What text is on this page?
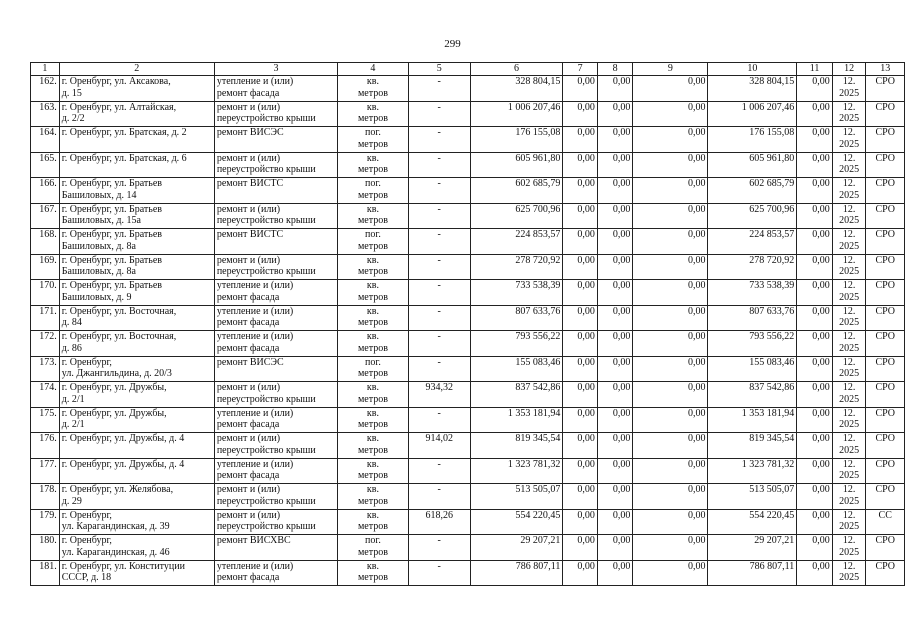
299
1	2	3	4	5	6	7	8	9	10	11	12	13
162.	г. Оренбург, ул. Аксакова,
д. 15	утепление и (или)
ремонт фасада	кв.
метров	-	328 804,15	0,00	0,00	0,00	328 804,15	0,00	12.
2025	СРО
163.	г. Оренбург, ул. Алтайская,
д. 2/2	ремонт и (или)
переустройство крыши	кв.
метров	-	1 006 207,46	0,00	0,00	0,00	1 006 207,46	0,00	12.
2025	СРО
164.	г. Оренбург, ул. Братская, д. 2	ремонт ВИСЭС	пог.
метров	-	176 155,08	0,00	0,00	0,00	176 155,08	0,00	12.
2025	СРО
165.	г. Оренбург, ул. Братская, д. 6	ремонт и (или)
переустройство крыши	кв.
метров	-	605 961,80	0,00	0,00	0,00	605 961,80	0,00	12.
2025	СРО
166.	г. Оренбург, ул. Братьев
Башиловых, д. 14	ремонт ВИСТС	пог.
метров	-	602 685,79	0,00	0,00	0,00	602 685,79	0,00	12.
2025	СРО
167.	г. Оренбург, ул. Братьев
Башиловых, д. 15а	ремонт и (или)
переустройство крыши	кв.
метров	-	625 700,96	0,00	0,00	0,00	625 700,96	0,00	12.
2025	СРО
168.	г. Оренбург, ул. Братьев
Башиловых, д. 8а	ремонт ВИСТС	пог.
метров	-	224 853,57	0,00	0,00	0,00	224 853,57	0,00	12.
2025	СРО
169.	г. Оренбург, ул. Братьев
Башиловых, д. 8а	ремонт и (или)
переустройство крыши	кв.
метров	-	278 720,92	0,00	0,00	0,00	278 720,92	0,00	12.
2025	СРО
170.	г. Оренбург, ул. Братьев
Башиловых, д. 9	утепление и (или)
ремонт фасада	кв.
метров	-	733 538,39	0,00	0,00	0,00	733 538,39	0,00	12.
2025	СРО
171.	г. Оренбург, ул. Восточная,
д. 84	утепление и (или)
ремонт фасада	кв.
метров	-	807 633,76	0,00	0,00	0,00	807 633,76	0,00	12.
2025	СРО
172.	г. Оренбург, ул. Восточная,
д. 86	утепление и (или)
ремонт фасада	кв.
метров	-	793 556,22	0,00	0,00	0,00	793 556,22	0,00	12.
2025	СРО
173.	г. Оренбург,
ул. Джангильдина, д. 20/3	ремонт ВИСЭС	пог.
метров	-	155 083,46	0,00	0,00	0,00	155 083,46	0,00	12.
2025	СРО
174.	г. Оренбург, ул. Дружбы,
д. 2/1	ремонт и (или)
переустройство крыши	кв.
метров	934,32	837 542,86	0,00	0,00	0,00	837 542,86	0,00	12.
2025	СРО
175.	г. Оренбург, ул. Дружбы,
д. 2/1	утепление и (или)
ремонт фасада	кв.
метров	-	1 353 181,94	0,00	0,00	0,00	1 353 181,94	0,00	12.
2025	СРО
176.	г. Оренбург, ул. Дружбы, д. 4	ремонт и (или)
переустройство крыши	кв.
метров	914,02	819 345,54	0,00	0,00	0,00	819 345,54	0,00	12.
2025	СРО
177.	г. Оренбург, ул. Дружбы, д. 4	утепление и (или)
ремонт фасада	кв.
метров	-	1 323 781,32	0,00	0,00	0,00	1 323 781,32	0,00	12.
2025	СРО
178.	г. Оренбург, ул. Желябова,
д. 29	ремонт и (или)
переустройство крыши	кв.
метров	-	513 505,07	0,00	0,00	0,00	513 505,07	0,00	12.
2025	СРО
179.	г. Оренбург,
ул. Карагандинская, д. 39	ремонт и (или)
переустройство крыши	кв.
метров	618,26	554 220,45	0,00	0,00	0,00	554 220,45	0,00	12.
2025	СС
180.	г. Оренбург,
ул. Карагандинская, д. 46	ремонт ВИСХВС	пог.
метров	-	29 207,21	0,00	0,00	0,00	29 207,21	0,00	12.
2025	СРО
181.	г. Оренбург, ул. Конституции
СССР, д. 18	утепление и (или)
ремонт фасада	кв.
метров	-	786 807,11	0,00	0,00	0,00	786 807,11	0,00	12.
2025	СРО
